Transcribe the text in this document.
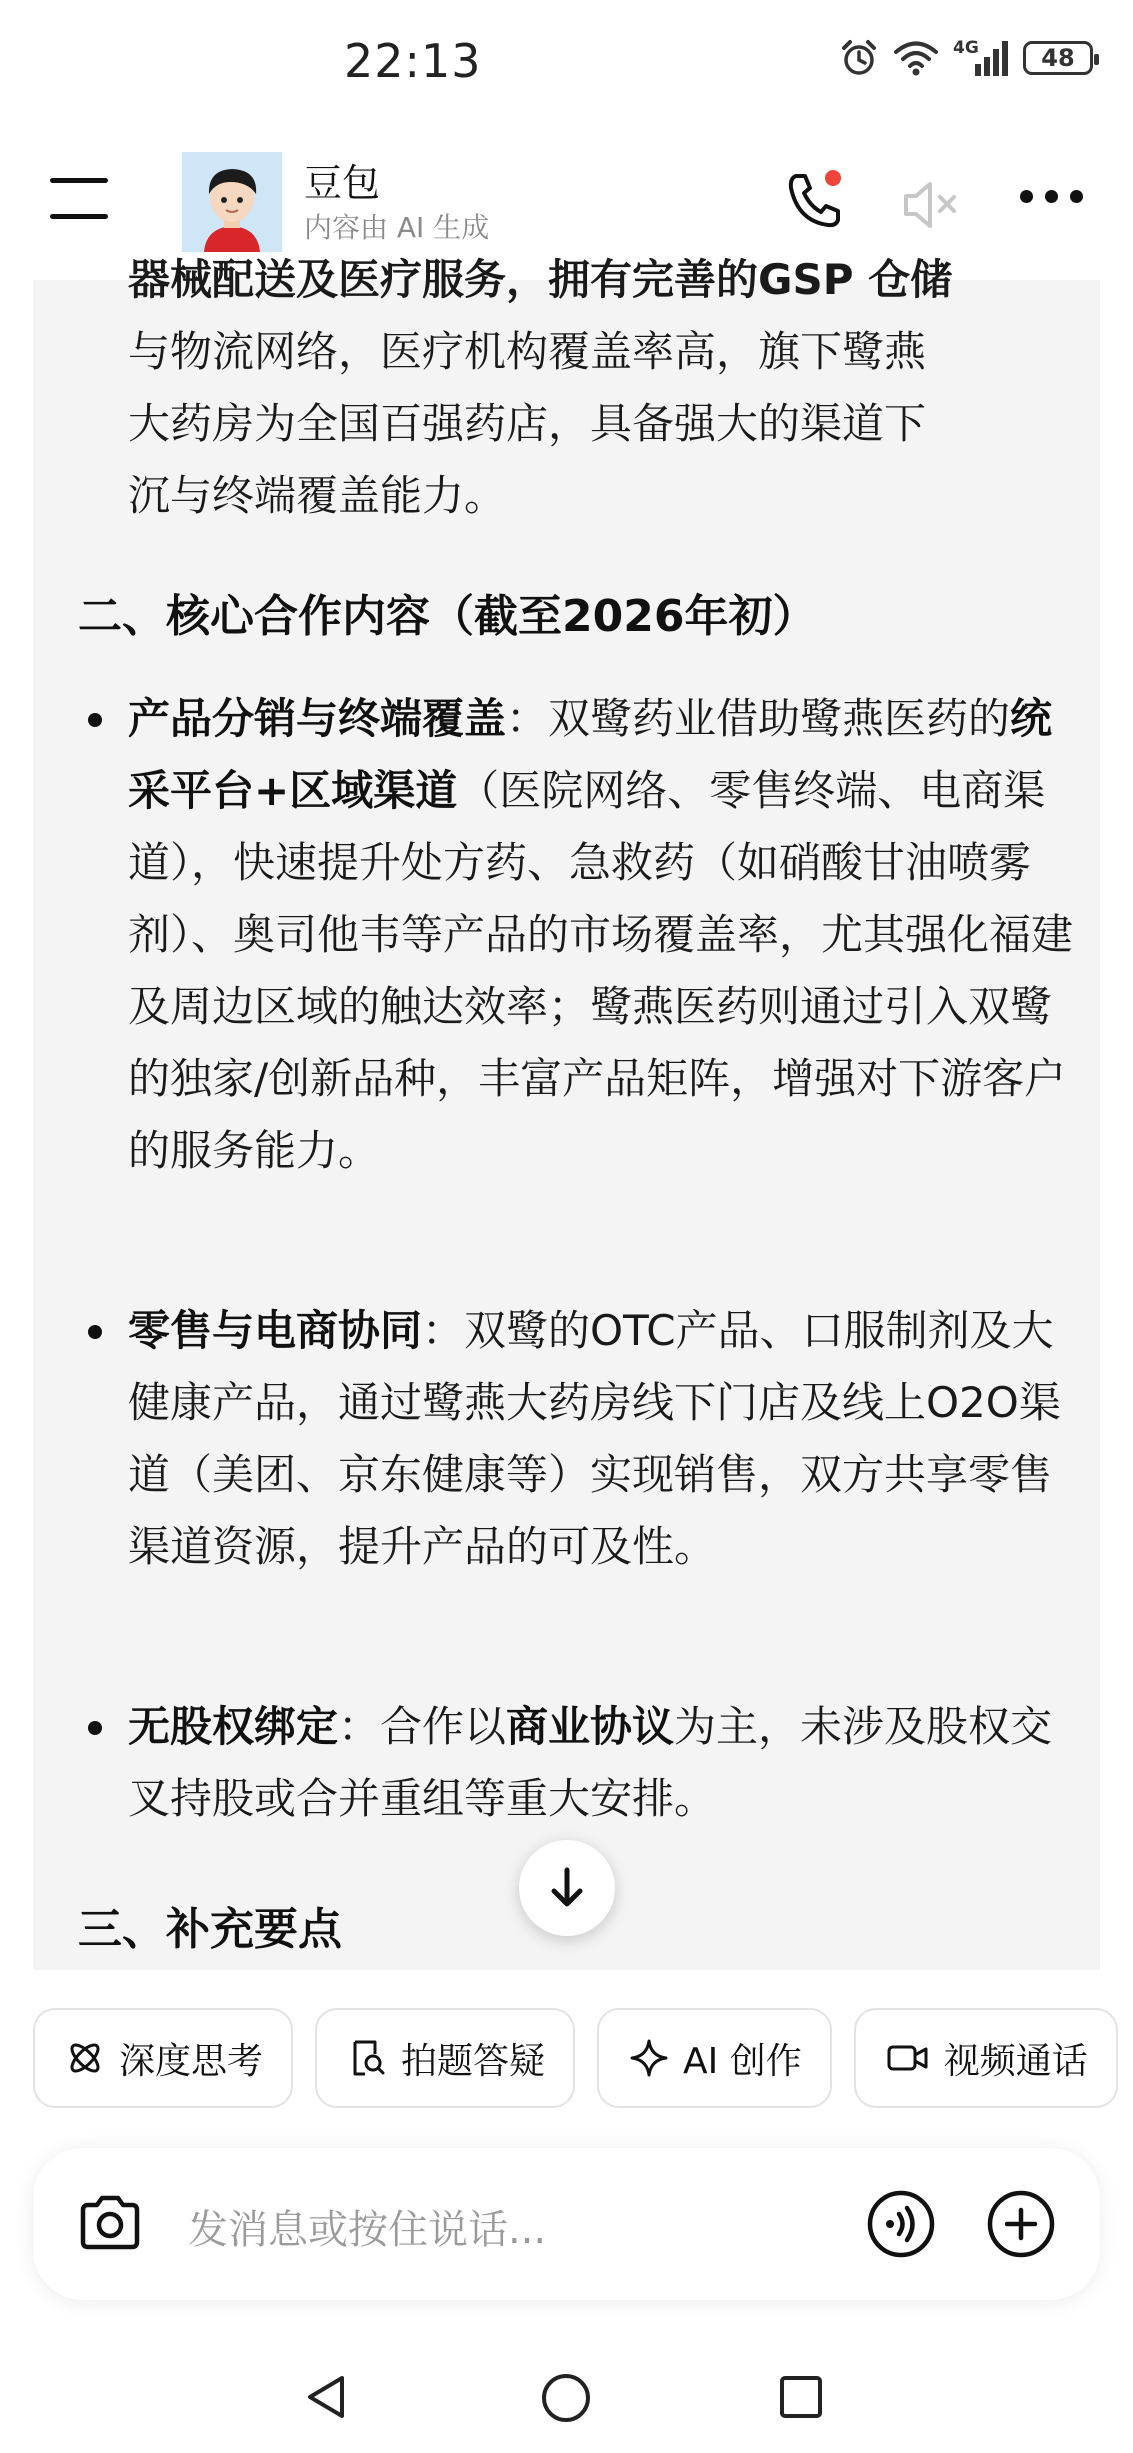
22:13	4G	48
豆包
内容由 AI 生成
器械配送及医疗服务，拥有完善的GSP 仓储
与物流网络，医疗机构覆盖率高，旗下鹭燕
大药房为全国百强药店，具备强大的渠道下
沉与终端覆盖能力。
二、核心合作内容（截至2026年初）
产品分销与终端覆盖：双鹭药业借助鹭燕医药的统采平台+区域渠道（医院网络、零售终端、电商渠道），快速提升处方药、急救药（如硝酸甘油喷雾剂）、奥司他韦等产品的市场覆盖率，尤其强化福建及周边区域的触达效率；鹭燕医药则通过引入双鹭的独家/创新品种，丰富产品矩阵，增强对下游客户的服务能力。
零售与电商协同：双鹭的OTC产品、口服制剂及大健康产品，通过鹭燕大药房线下门店及线上O2O渠道（美团、京东健康等）实现销售，双方共享零售渠道资源，提升产品的可及性。
无股权绑定：合作以商业协议为主，未涉及股权交叉持股或合并重组等重大安排。
三、补充要点
深度思考	拍题答疑	AI 创作	视频通话
发消息或按住说话...
